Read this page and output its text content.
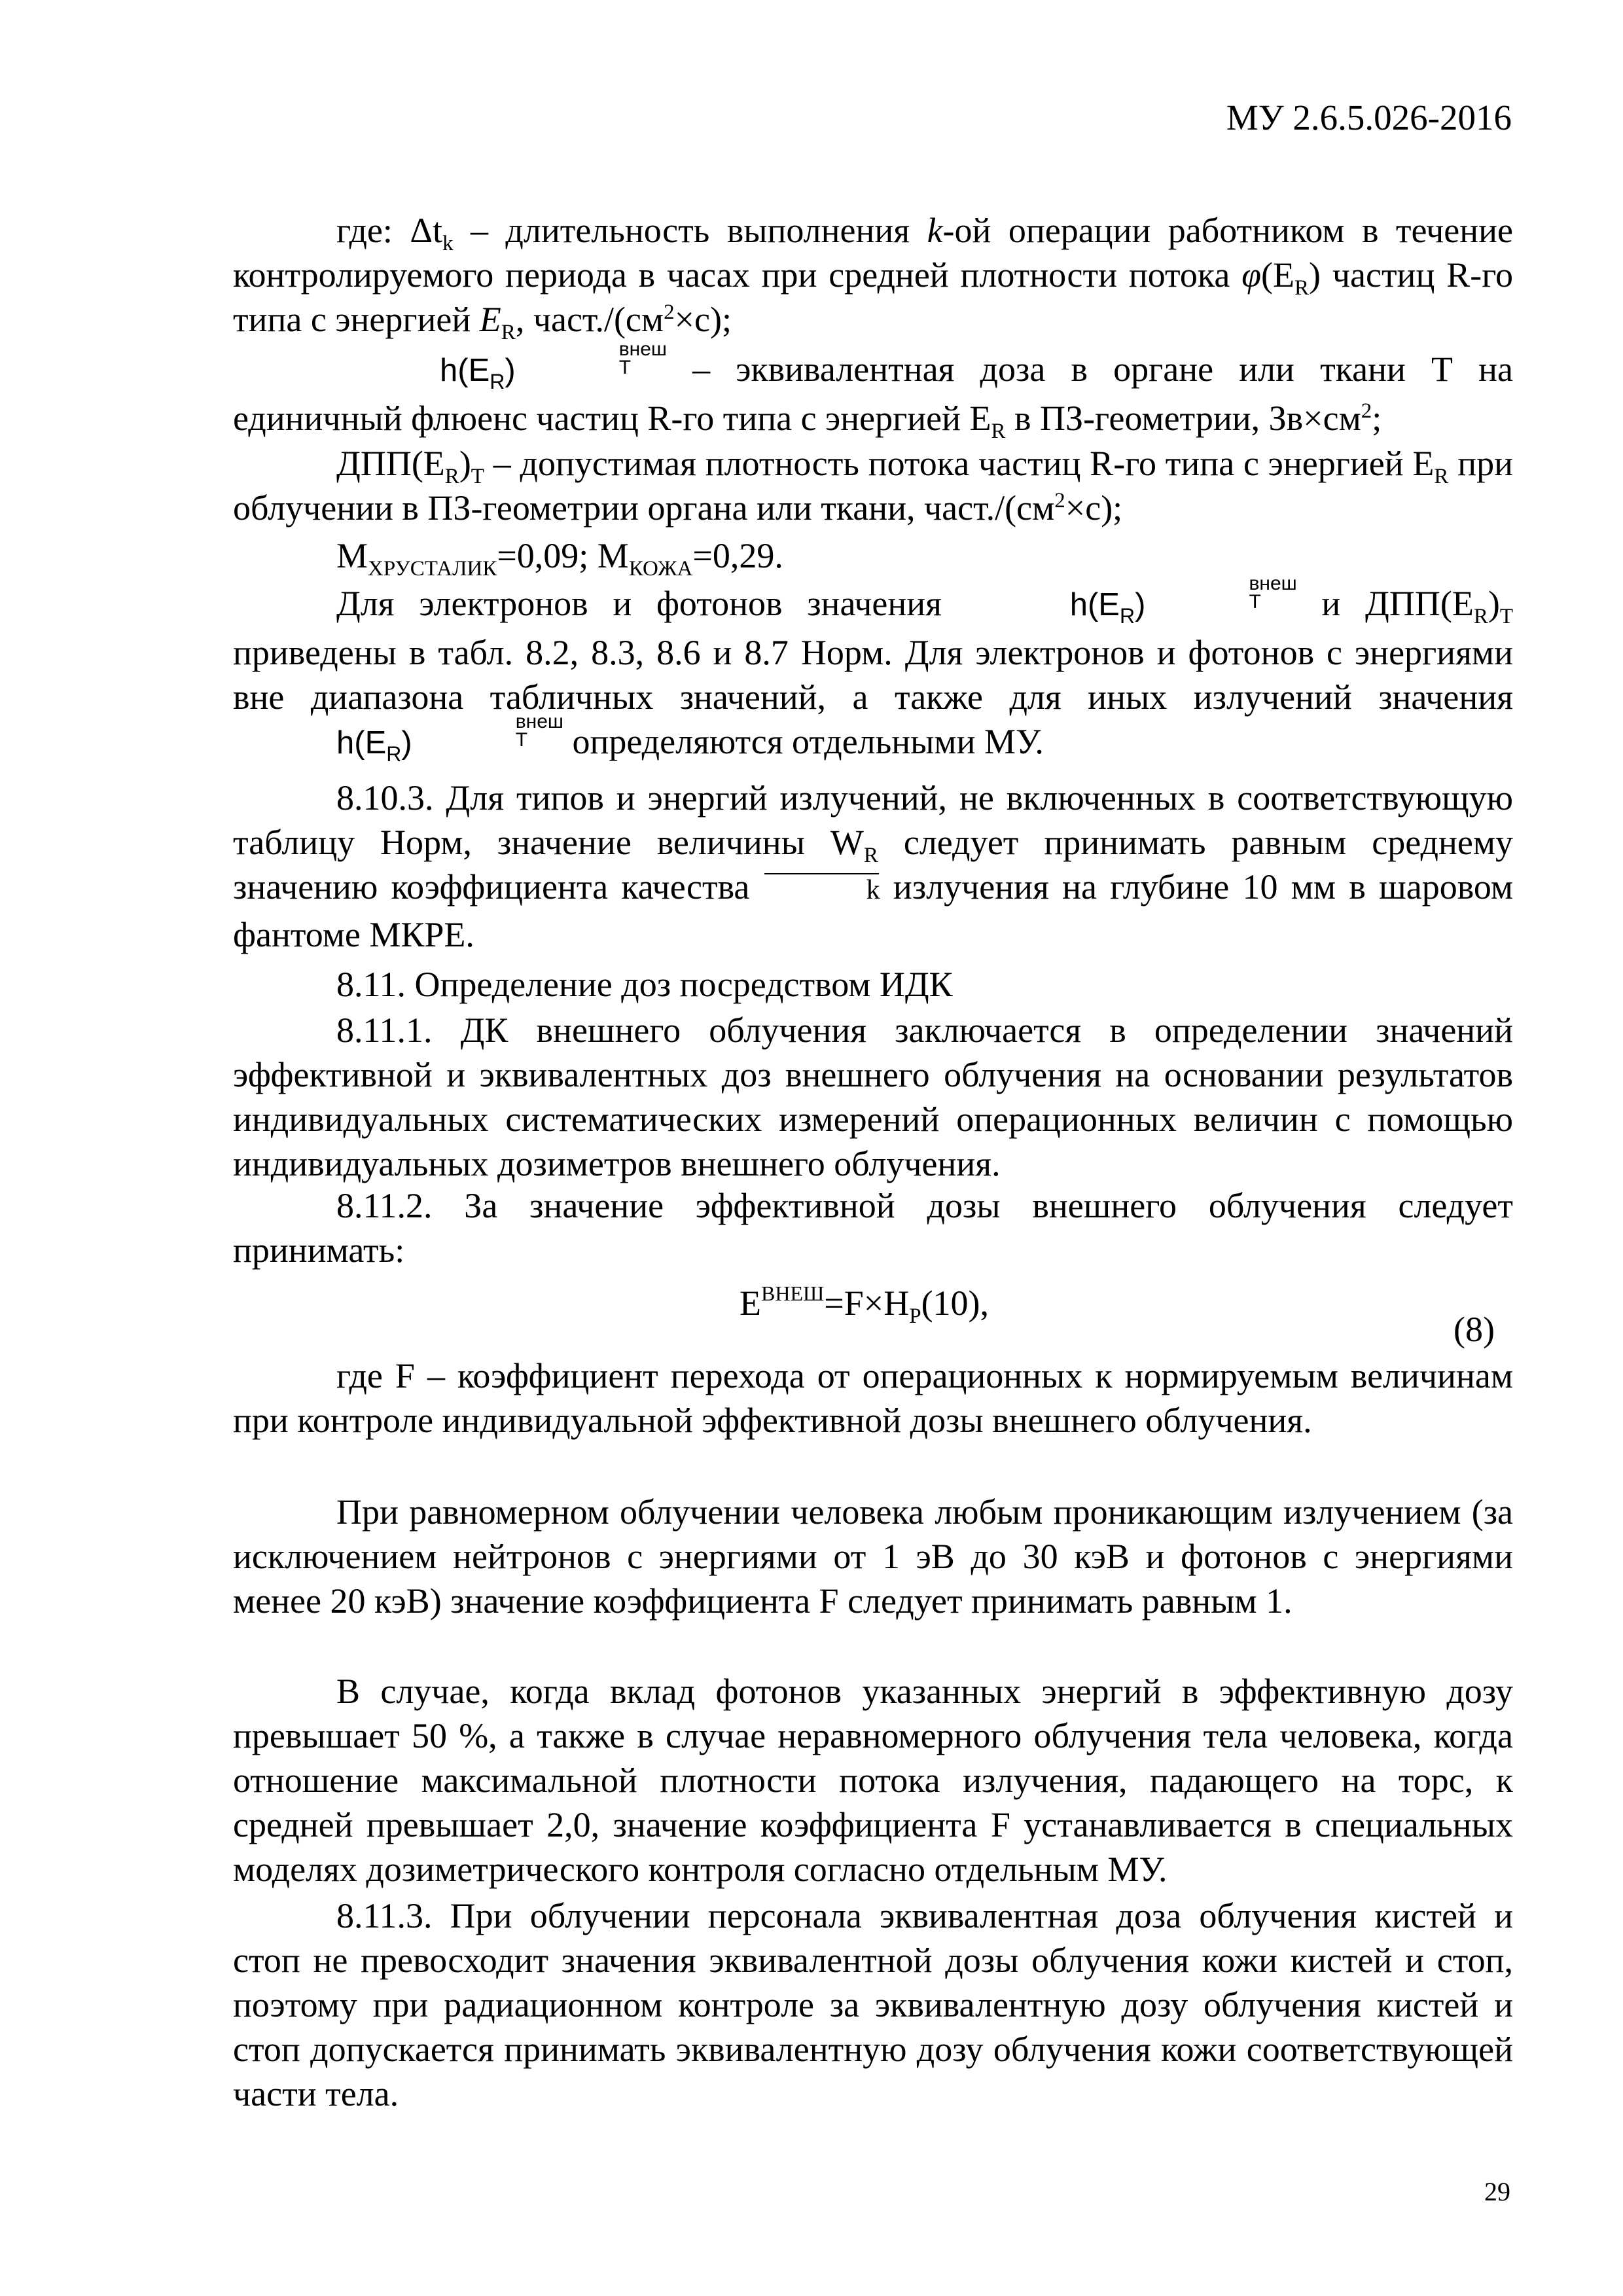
МУ 2.6.5.026-2016

где: $\Delta t_k$ – длительность выполнения k-ой операции работником в течение контролируемого периода в часах при средней плотности потока $\varphi(E_R)$ частиц R-го типа с энергией $E_R$, $част./(см^2\times с)$;

$h(E_R)$
внеш
Т	– эквивалентная доза в органе или ткани Т на единичный флюенс частиц R-го типа с энергией $E_R$ в ПЗ-геометрии, $Зв\times см^2$;

$ДПП(E_R)_Т$ – допустимая плотность потока частиц R-го типа с энергией $E_R$ при облучении в ПЗ-геометрии органа или ткани, $част./(см^2\times с)$;

$М_{ХРУСТАЛИК}=0,09$; $М_{КОЖА}=0,29$.

Для электронов и фотонов значения	$h(E_R)$
внеш
Т	и $ДПП(E_R)_Т$ приведены в табл. 8.2, 8.3, 8.6 и 8.7 Норм. Для электронов и фотонов с энергиями вне диапазона табличных значений, а также для иных излучений значения $h(E_R)$
внеш
Т	определяются отдельными МУ.

8.10.3. Для типов и энергий излучений, не включенных в соответствующую таблицу Норм, значение величины $W_R$ следует принимать равным среднему значению коэффициента качества	k излучения на глубине 10 мм в шаровом фантоме МКРЕ.

8.11. Определение доз посредством ИДК

8.11.1. ДК внешнего облучения заключается в определении значений эффективной и эквивалентных доз внешнего облучения на основании результатов индивидуальных систематических измерений операционных величин с помощью индивидуальных дозиметров внешнего облучения.

8.11.2. За значение эффективной дозы внешнего облучения следует принимать:

$E^{ВНЕШ}=F\times H_P(10)$,
(8)

где F – коэффициент перехода от операционных к нормируемым величинам при контроле индивидуальной эффективной дозы внешнего облучения.

При равномерном облучении человека любым проникающим излучением (за исключением нейтронов с энергиями от 1 эВ до 30 кэВ и фотонов с энергиями менее 20 кэВ) значение коэффициента F следует принимать равным 1.

В случае, когда вклад фотонов указанных энергий в эффективную дозу превышает 50 %, а также в случае неравномерного облучения тела человека, когда отношение максимальной плотности потока излучения, падающего на торс, к средней превышает 2,0, значение коэффициента F устанавливается в специальных моделях дозиметрического контроля согласно отдельным МУ.

8.11.3. При облучении персонала эквивалентная доза облучения кистей и стоп не превосходит значения эквивалентной дозы облучения кожи кистей и стоп, поэтому при радиационном контроле за эквивалентную дозу облучения кистей и стоп допускается принимать эквивалентную дозу облучения кожи соответствующей части тела.

29
